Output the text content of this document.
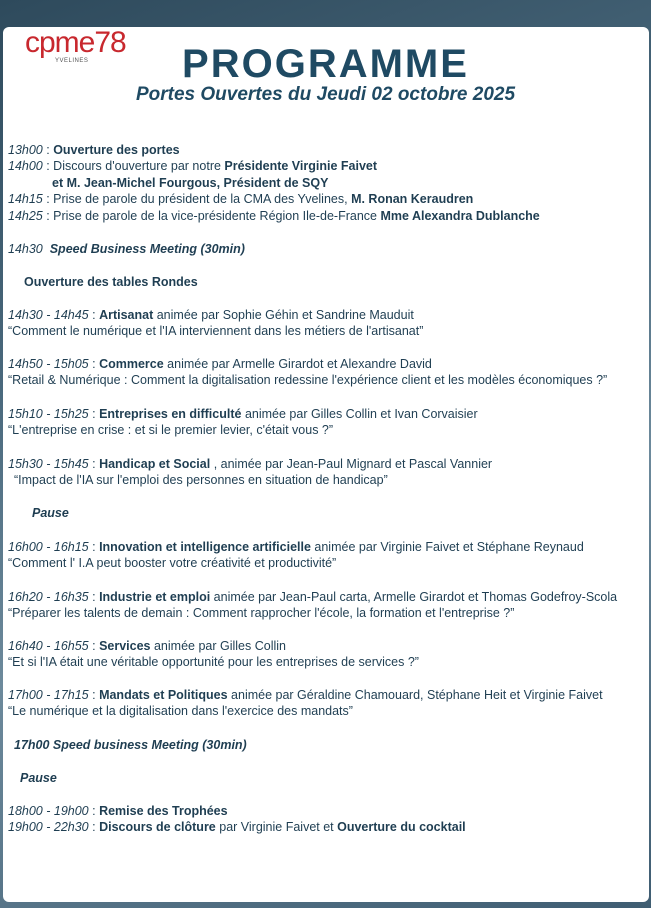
cpme78
YVELINES	PROGRAMME
Portes Ouvertes du Jeudi 02 octobre 2025
13h00 : Ouverture des portes
14h00 : Discours d'ouverture par notre Présidente Virginie Faivet
et M. Jean-Michel Fourgous, Président de SQY
14h15 : Prise de parole du président de la CMA des Yvelines, M. Ronan Keraudren
14h25 : Prise de parole de la vice-présidente Région Ile-de-France Mme Alexandra Dublanche
14h30 Speed Business Meeting (30min)
Ouverture des tables Rondes
14h30 - 14h45 : Artisanat animée par Sophie Géhin et Sandrine Mauduit
“Comment le numérique et l'IA interviennent dans les métiers de l'artisanat”
14h50 - 15h05 : Commerce animée par Armelle Girardot et Alexandre David
“Retail & Numérique : Comment la digitalisation redessine l'expérience client et les modèles économiques ?”
15h10 - 15h25 : Entreprises en difficulté animée par Gilles Collin et Ivan Corvaisier
“L'entreprise en crise : et si le premier levier, c'était vous ?”
15h30 - 15h45 : Handicap et Social , animée par Jean-Paul Mignard et Pascal Vannier
“Impact de l'IA sur l'emploi des personnes en situation de handicap”
Pause
16h00 - 16h15 : Innovation et intelligence artificielle animée par Virginie Faivet et Stéphane Reynaud
“Comment l' I.A peut booster votre créativité et productivité”
16h20 - 16h35 : Industrie et emploi animée par Jean-Paul carta, Armelle Girardot et Thomas Godefroy-Scola
“Préparer les talents de demain : Comment rapprocher l'école, la formation et l'entreprise ?”
16h40 - 16h55 : Services animée par Gilles Collin
“Et si l'IA était une véritable opportunité pour les entreprises de services ?”
17h00 - 17h15 : Mandats et Politiques animée par Géraldine Chamouard, Stéphane Heit et Virginie Faivet
“Le numérique et la digitalisation dans l'exercice des mandats”
17h00 Speed business Meeting (30min)
Pause
18h00 - 19h00 : Remise des Trophées
19h00 - 22h30 : Discours de clôture par Virginie Faivet et Ouverture du cocktail
